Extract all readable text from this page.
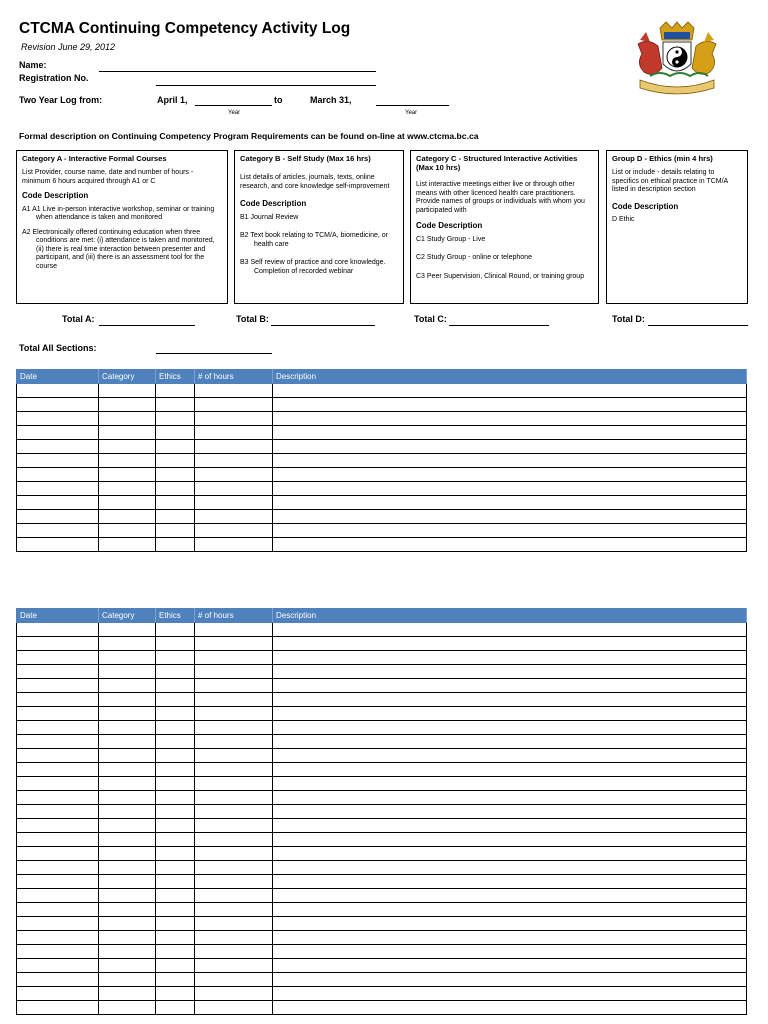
CTCMA Continuing Competency Activity Log
Revision June 29, 2012
Name:
Registration No.
Two Year Log from:	April 1,
Year
to	March 31,
Year
Formal description on Continuing Competency Program Requirements can be found on-line at www.ctcma.bc.ca
Category A - Interactive Formal Courses

List Provider, course name, date and number of hours - minimum 6 hours acquired through A1 or C

Code Description
A1 A1 Live in-person interactive workshop, seminar or training when attendance is taken and monitored
A2 Electronically offered continuing education when three conditions are met: (i) attendance is taken and monitored, (ii) there is real time interaction between presenter and participant, and (iii) there is an assessment tool for the course
Category B - Self Study (Max 16 hrs)

List details of articles, journals, texts, online research, and core knowledge self-improvement

Code Description
B1 Journal Review
B2 Text book relating to TCM/A, biomedicine, or health care
B3 Self review of practice and core knowledge. Completion of recorded webinar
Category C - Structured Interactive Activities (Max 10 hrs)

List interactive meetings either live or through other means with other licenced health care practitioners. Provide names of groups or individuals with whom you participated with

Code Description
C1 Study Group - Live
C2 Study Group - online or telephone
C3 Peer Supervision, Clinical Round, or training group
Group D - Ethics (min 4 hrs)

List or include - details relating to specifics on ethical practice in TCM/A listed in description section

Code Description
D Ethic
Total A:	Total B:	Total C:	Total D:
Total All Sections:
Date	Category	Ethics	# of hours	Description

Date	Category	Ethics	# of hours	Description
